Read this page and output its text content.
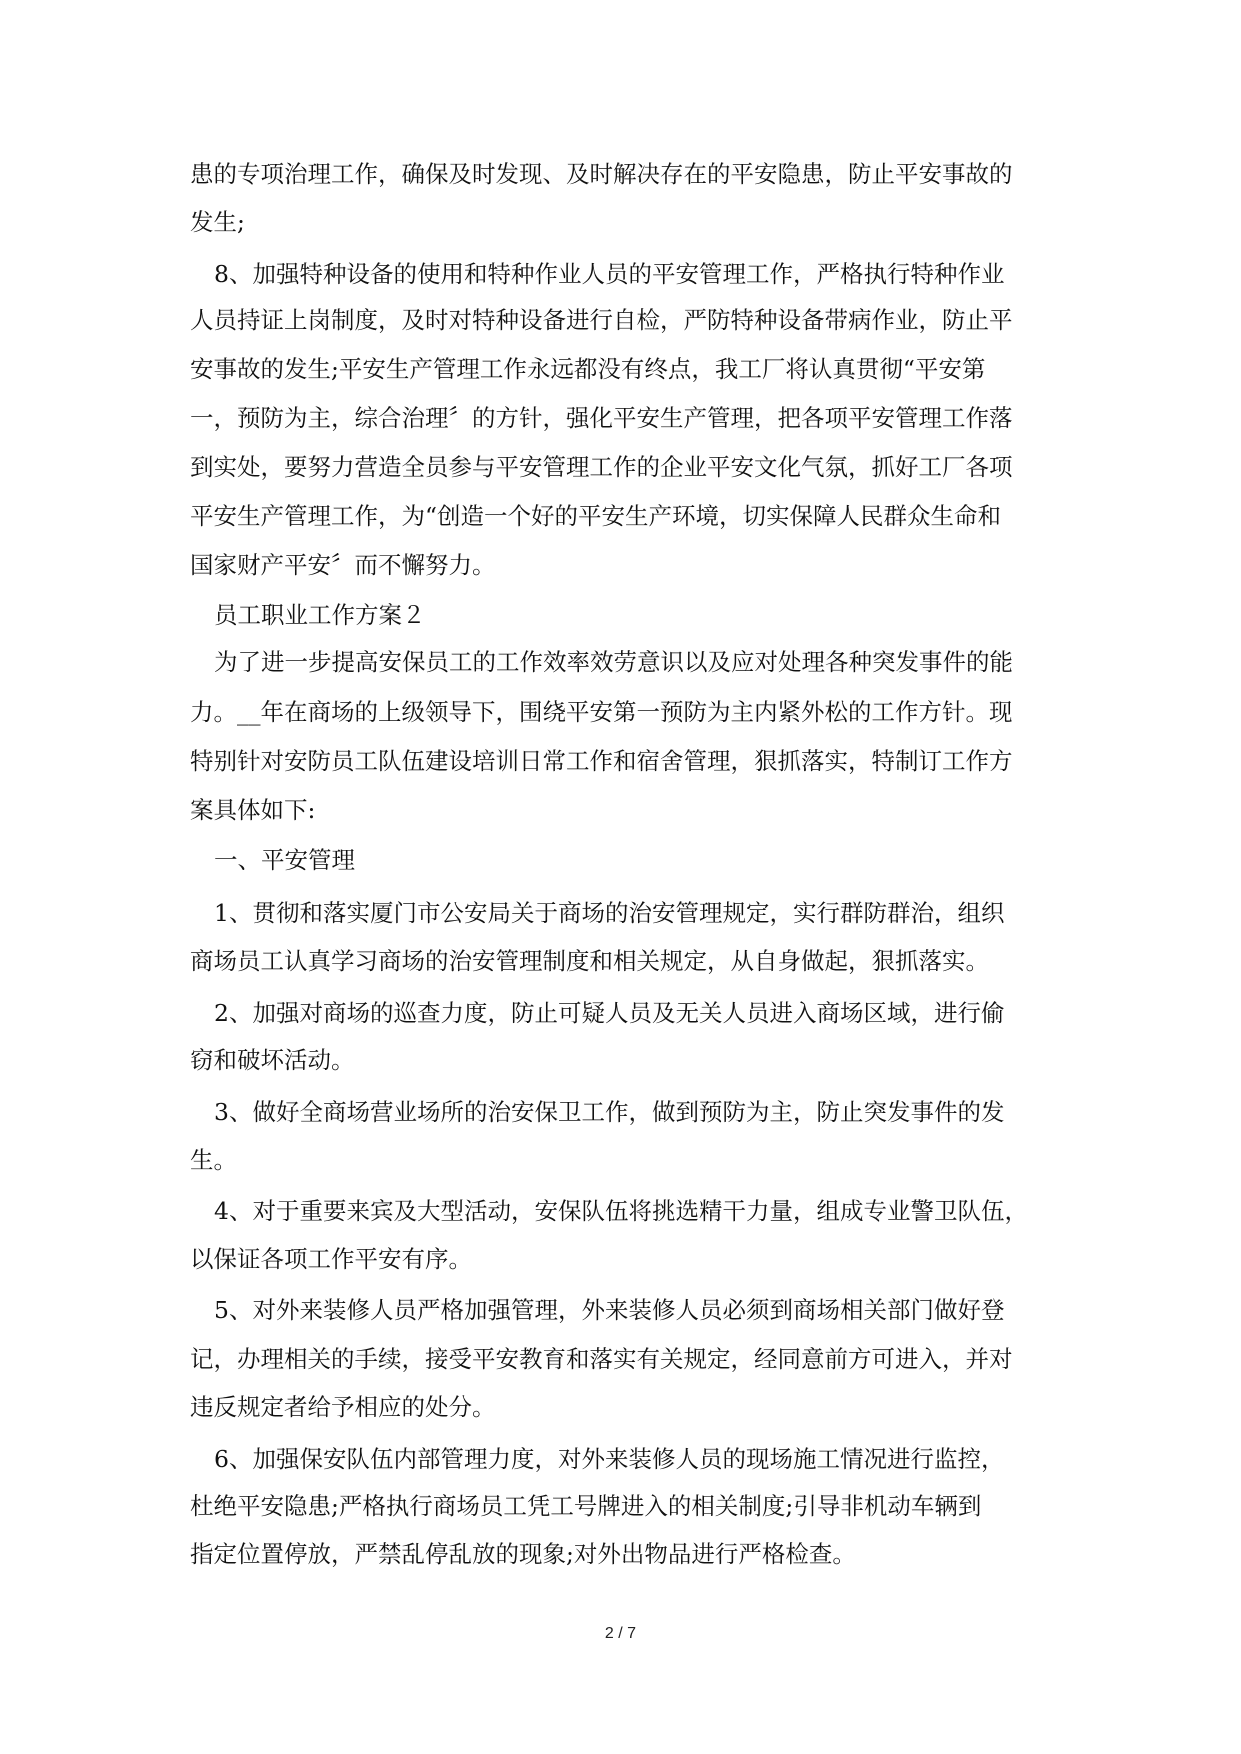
患的专项治理工作，确保及时发现、及时解决存在的平安隐患，防止平安事故的
发生;
8、加强特种设备的使用和特种作业人员的平安管理工作，严格执行特种作业
人员持证上岗制度，及时对特种设备进行自检，严防特种设备带病作业，防止平
安事故的发生;平安生产管理工作永远都没有终点，我工厂将认真贯彻“平安第
一，预防为主，综合治理〞的方针，强化平安生产管理，把各项平安管理工作落
到实处，要努力营造全员参与平安管理工作的企业平安文化气氛，抓好工厂各项
平安生产管理工作，为“创造一个好的平安生产环境，切实保障人民群众生命和
国家财产平安〞而不懈努力。
员工职业工作方案２
为了进一步提高安保员工的工作效率效劳意识以及应对处理各种突发事件的能
力。__年在商场的上级领导下，围绕平安第一预防为主内紧外松的工作方针。现
特别针对安防员工队伍建设培训日常工作和宿舍管理，狠抓落实，特制订工作方
案具体如下:
一、平安管理
1、贯彻和落实厦门市公安局关于商场的治安管理规定，实行群防群治，组织
商场员工认真学习商场的治安管理制度和相关规定，从自身做起，狠抓落实。
2、加强对商场的巡查力度，防止可疑人员及无关人员进入商场区域，进行偷
窃和破坏活动。
3、做好全商场营业场所的治安保卫工作，做到预防为主，防止突发事件的发
生。
4、对于重要来宾及大型活动，安保队伍将挑选精干力量，组成专业警卫队伍，
以保证各项工作平安有序。
5、对外来装修人员严格加强管理，外来装修人员必须到商场相关部门做好登
记，办理相关的手续，接受平安教育和落实有关规定，经同意前方可进入，并对
违反规定者给予相应的处分。
6、加强保安队伍内部管理力度，对外来装修人员的现场施工情况进行监控，
杜绝平安隐患;严格执行商场员工凭工号牌进入的相关制度;引导非机动车辆到
指定位置停放，严禁乱停乱放的现象;对外出物品进行严格检查。
2 / 7
